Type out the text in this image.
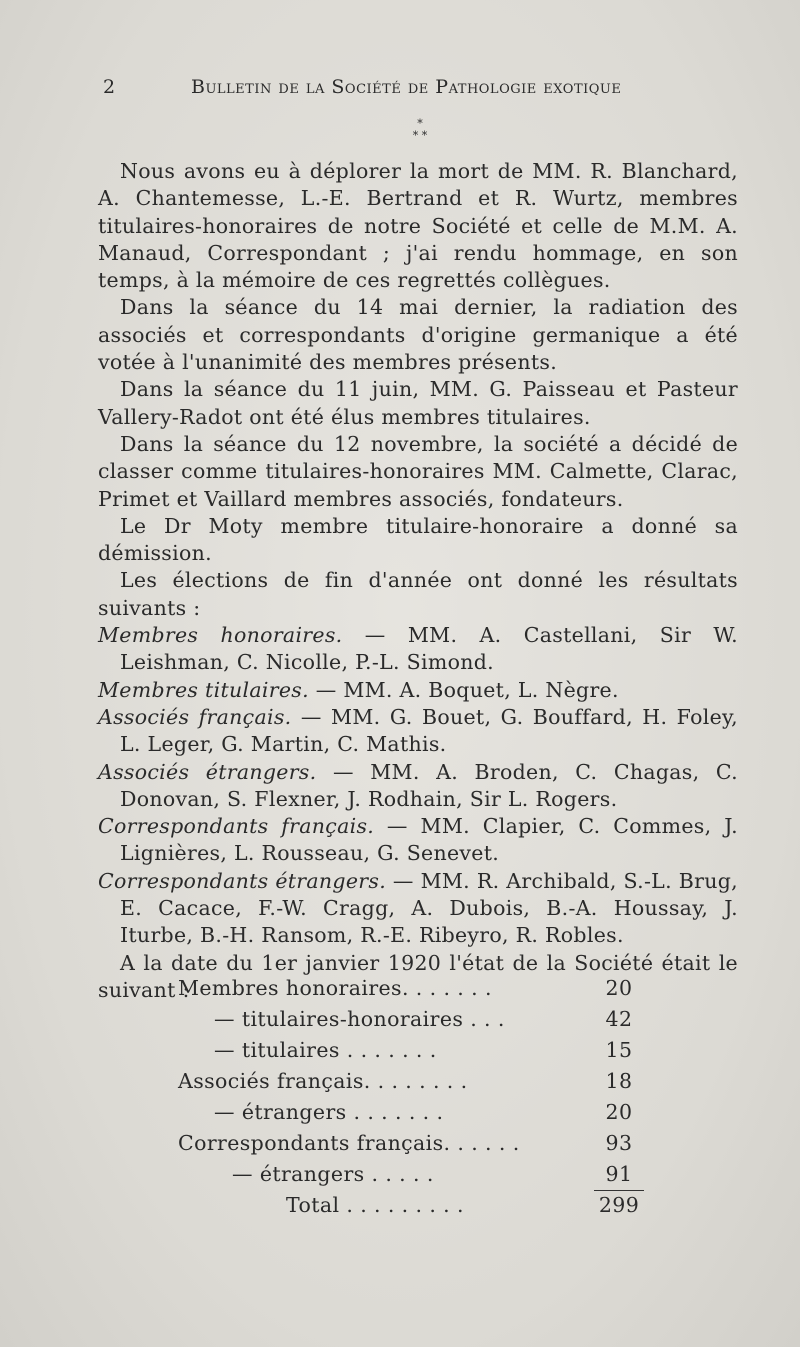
2	Bulletin de la Société de Pathologie exotique
*
* *

Nous avons eu à déplorer la mort de MM. R. Blanchard, A. Chantemesse, L.-E. Bertrand et R. Wurtz, membres titulaires-honoraires de notre Société et celle de M.M. A. Manaud, Correspondant ; j'ai rendu hommage, en son temps, à la mémoire de ces regrettés collègues.

Dans la séance du 14 mai dernier, la radiation des associés et correspondants d'origine germanique a été votée à l'unanimité des membres présents.

Dans la séance du 11 juin, MM. G. Paisseau et Pasteur Vallery-Radot ont été élus membres titulaires.

Dans la séance du 12 novembre, la société a décidé de classer comme titulaires-honoraires MM. Calmette, Clarac, Primet et Vaillard membres associés, fondateurs.

Le Dr Moty membre titulaire-honoraire a donné sa démission.

Les élections de fin d'année ont donné les résultats suivants :

Membres honoraires. — MM. A. Castellani, Sir W. Leishman, C. Nicolle, P.-L. Simond.
Membres titulaires. — MM. A. Boquet, L. Nègre.
Associés français. — MM. G. Bouet, G. Bouffard, H. Foley, L. Leger, G. Martin, C. Mathis.
Associés étrangers. — MM. A. Broden, C. Chagas, C. Donovan, S. Flexner, J. Rodhain, Sir L. Rogers.
Correspondants français. — MM. Clapier, C. Commes, J. Lignières, L. Rousseau, G. Senevet.
Correspondants étrangers. — MM. R. Archibald, S.-L. Brug, E. Cacace, F.-W. Cragg, A. Dubois, B.-A. Houssay, J. Iturbe, B.-H. Ransom, R.-E. Ribeyro, R. Robles.

A la date du 1er janvier 1920 l'état de la Société était le suivant :

Membres honoraires. . . . . . .	20
— titulaires-honoraires . . .	42
— titulaires . . . . . . .	15
Associés français. . . . . . . .	18
— étrangers . . . . . . .	20
Correspondants français. . . . . .	93
— étrangers . . . . .	91
Total . . . . . . . . .	299
